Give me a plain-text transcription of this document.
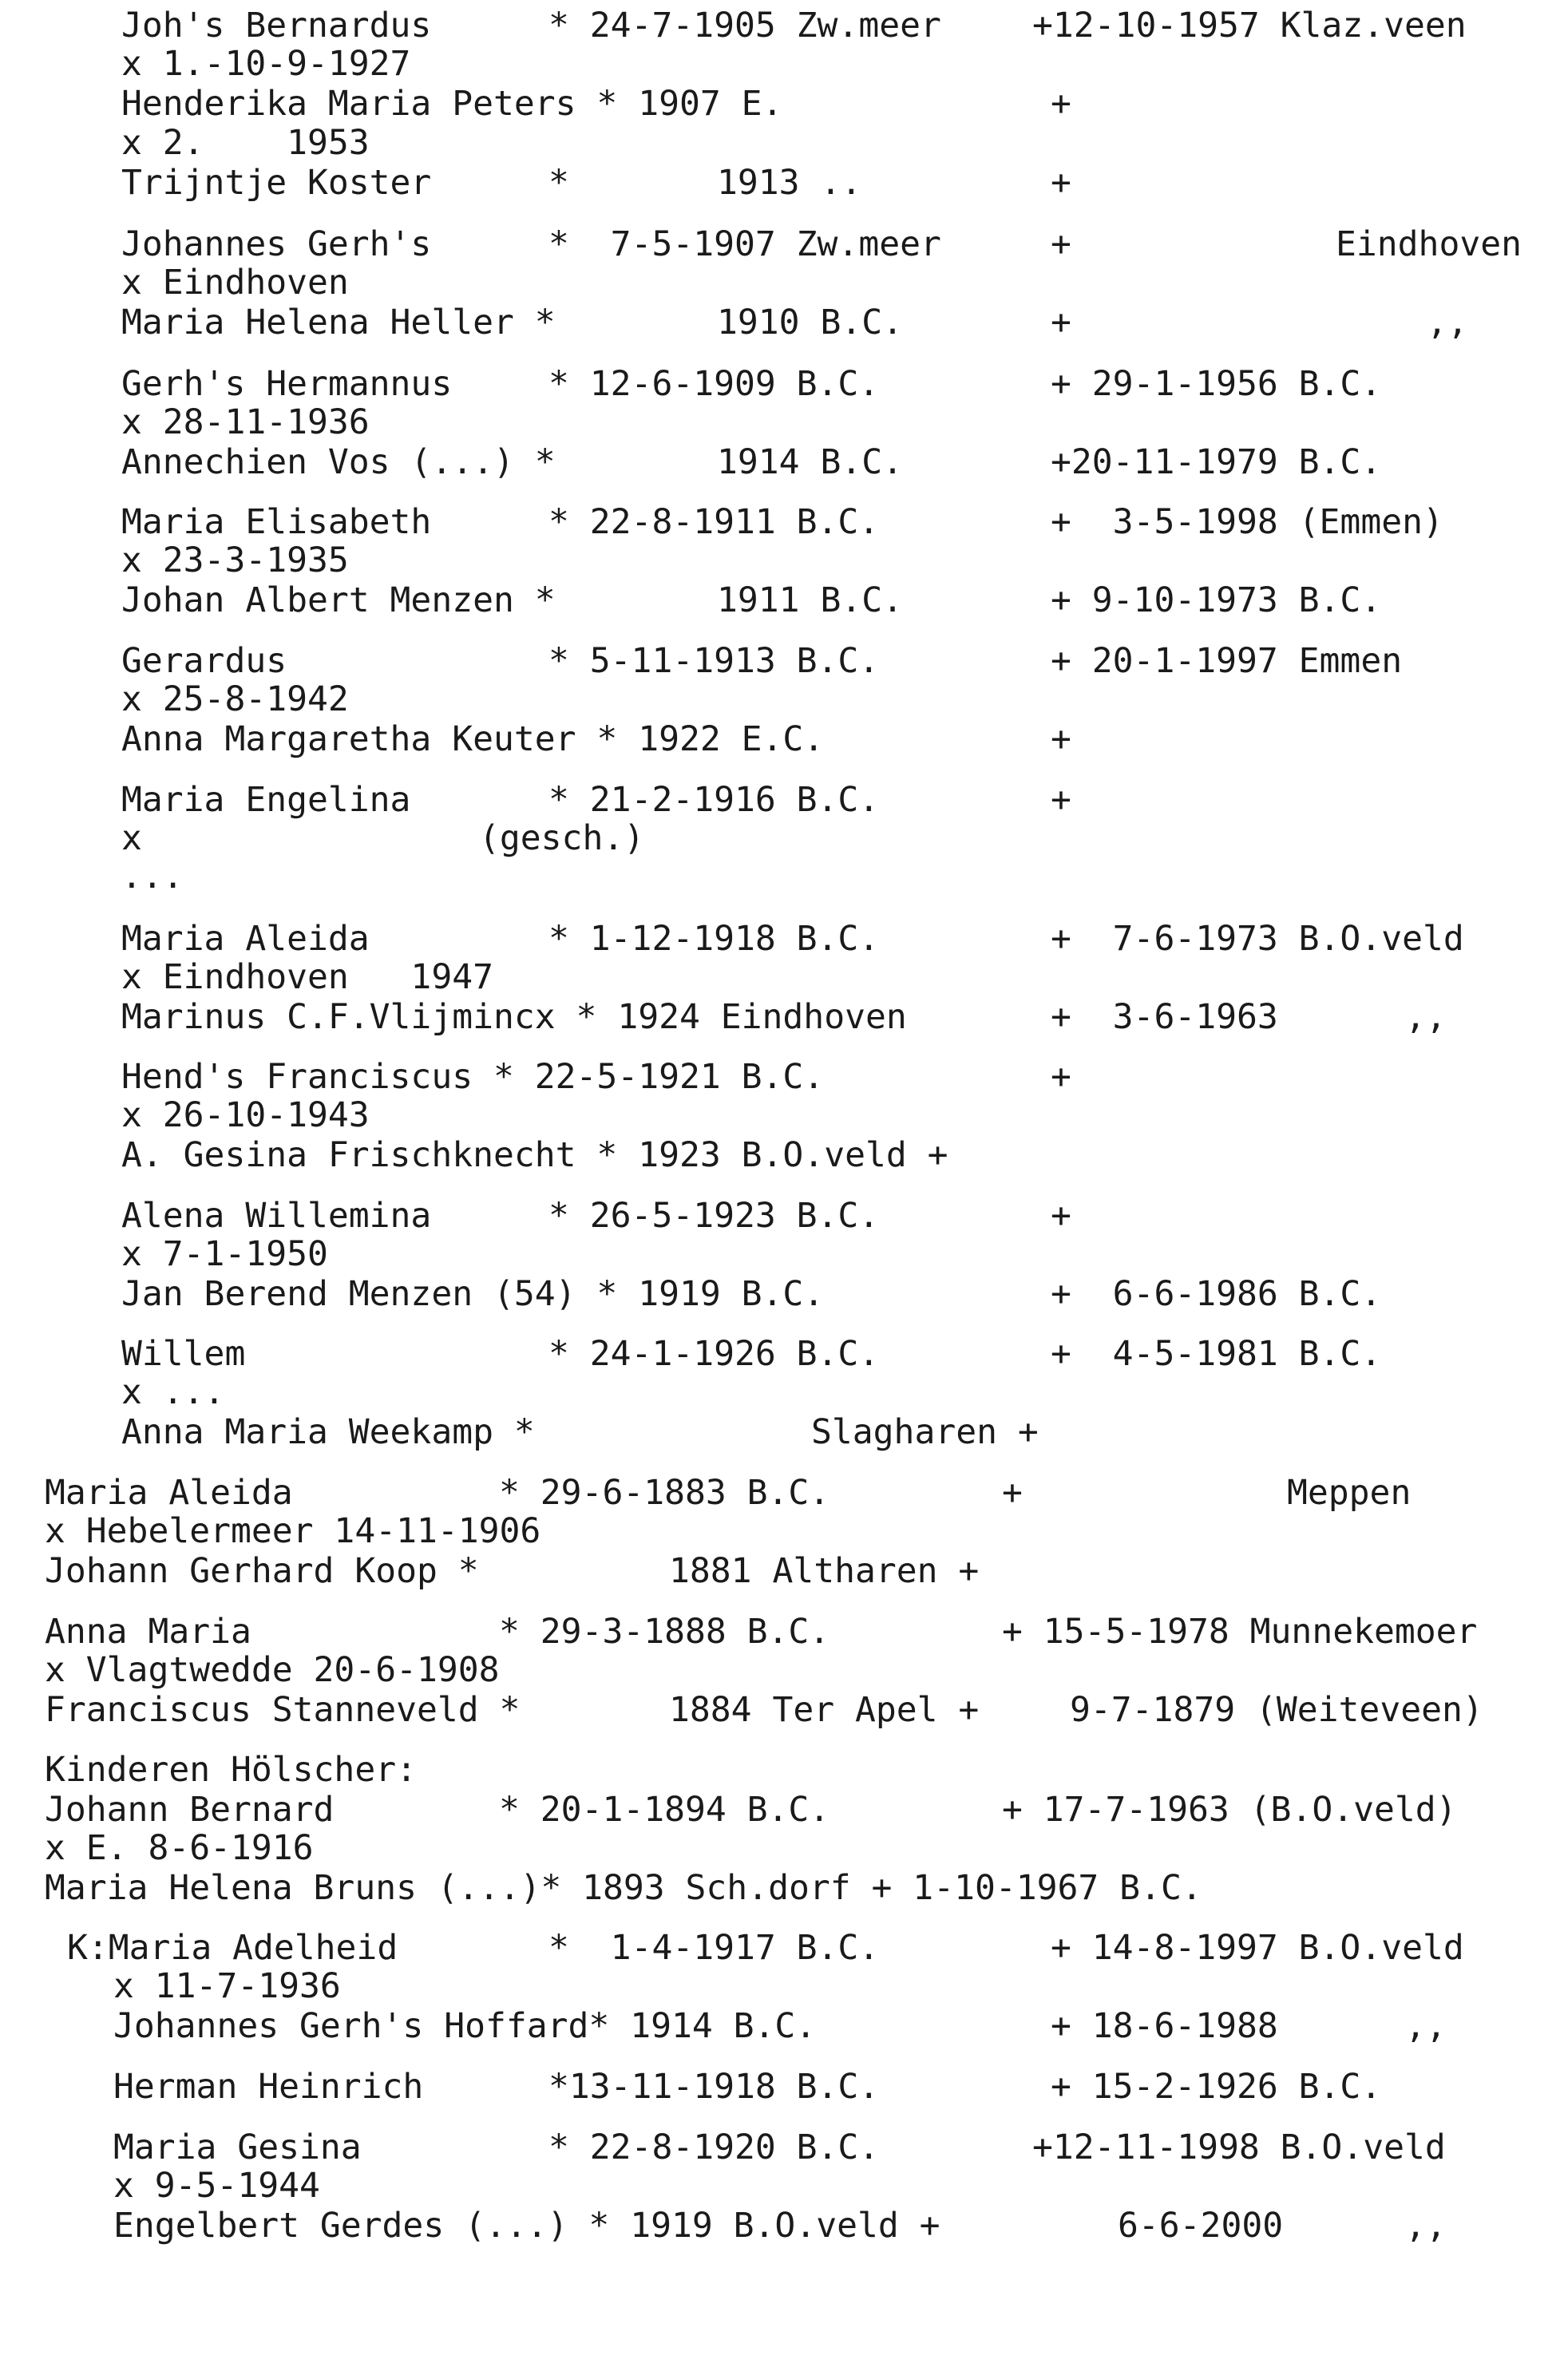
Joh's Bernardus	* 24-7-1905 Zw.meer	+12-10-1957 Klaz.veen
x 1.-10-9-1927
Henderika Maria Peters * 1907 E.	+
x 2.    1953
Trijntje Koster	*	1913 ..	+
Johannes Gerh's	*  7-5-1907 Zw.meer	+	Eindhoven
x Eindhoven
Maria Helena Heller *	1910 B.C.	+	,,
Gerh's Hermannus	* 12-6-1909 B.C.	+ 29-1-1956 B.C.
x 28-11-1936
Annechien Vos (...) *	1914 B.C.	+20-11-1979 B.C.
Maria Elisabeth	* 22-8-1911 B.C.	+  3-5-1998 (Emmen)
x 23-3-1935
Johan Albert Menzen *	1911 B.C.	+ 9-10-1973 B.C.
Gerardus	* 5-11-1913 B.C.	+ 20-1-1997 Emmen
x 25-8-1942
Anna Margaretha Keuter * 1922 E.C.	+
Maria Engelina	* 21-2-1916 B.C.	+
x	(gesch.)
...
Maria Aleida	* 1-12-1918 B.C.	+  7-6-1973 B.O.veld
x Eindhoven   1947
Marinus C.F.Vlijmincx * 1924 Eindhoven	+  3-6-1963	,,
Hend's Franciscus * 22-5-1921 B.C.	+
x 26-10-1943
A. Gesina Frischknecht * 1923 B.O.veld +
Alena Willemina	* 26-5-1923 B.C.	+
x 7-1-1950
Jan Berend Menzen (54) * 1919 B.C.	+  6-6-1986 B.C.
Willem	* 24-1-1926 B.C.	+  4-5-1981 B.C.
x ...
Anna Maria Weekamp *	Slagharen +
Maria Aleida	* 29-6-1883 B.C.	+	Meppen
x Hebelermeer 14-11-1906
Johann Gerhard Koop *	1881 Altharen +
Anna Maria	* 29-3-1888 B.C.	+ 15-5-1978 Munnekemoer
x Vlagtwedde 20-6-1908
Franciscus Stanneveld *	1884 Ter Apel +	9-7-1879 (Weiteveen)
Kinderen Hölscher:
Johann Bernard	* 20-1-1894 B.C.	+ 17-7-1963 (B.O.veld)
x E. 8-6-1916
Maria Helena Bruns (...)* 1893 Sch.dorf + 1-10-1967 B.C.
K:Maria Adelheid	*  1-4-1917 B.C.	+ 14-8-1997 B.O.veld
x 11-7-1936
Johannes Gerh's Hoffard* 1914 B.C.	+ 18-6-1988	,,
Herman Heinrich	*13-11-1918 B.C.	+ 15-2-1926 B.C.
Maria Gesina	* 22-8-1920 B.C.	+12-11-1998 B.O.veld
x 9-5-1944
Engelbert Gerdes (...) * 1919 B.O.veld +	6-6-2000	,,
